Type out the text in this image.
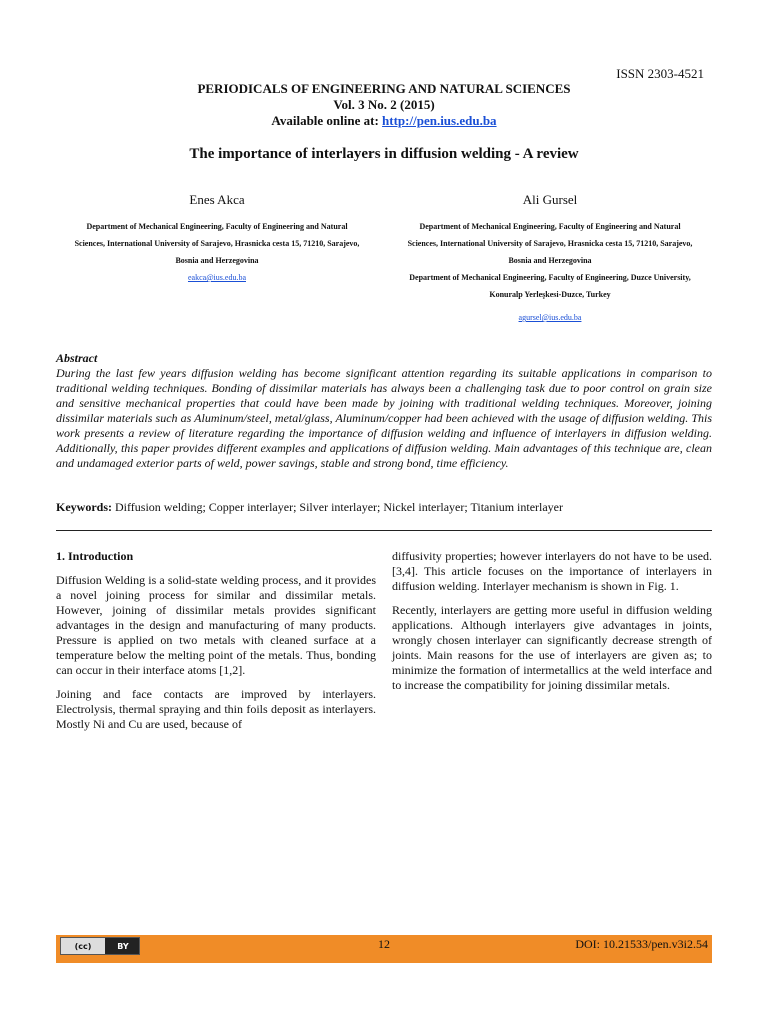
ISSN 2303-4521
PERIODICALS OF ENGINEERING AND NATURAL SCIENCES
Vol. 3 No. 2 (2015)
Available online at: http://pen.ius.edu.ba
The importance of interlayers in diffusion welding - A review
Enes Akca
Department of Mechanical Engineering, Faculty of Engineering and Natural
Sciences, International University of Sarajevo, Hrasnicka cesta 15, 71210, Sarajevo,
Bosnia and Herzegovina
eakca@ius.edu.ba
Ali Gursel
Department of Mechanical Engineering, Faculty of Engineering and Natural
Sciences, International University of Sarajevo, Hrasnicka cesta 15, 71210, Sarajevo,
Bosnia and Herzegovina
Department of Mechanical Engineering, Faculty of Engineering, Duzce University,
Konuralp Yerleşkesi-Duzce, Turkey
agursel@ius.edu.ba
Abstract
During the last few years diffusion welding has become significant attention regarding its suitable applications in comparison to traditional welding techniques. Bonding of dissimilar materials has always been a challenging task due to poor control on grain size and sensitive mechanical properties that could have been made by joining with traditional welding techniques. Moreover, joining dissimilar materials such as Aluminum/steel, metal/glass, Aluminum/copper had been achieved with the usage of diffusion welding. This work presents a review of literature regarding the importance of diffusion welding and influence of interlayers in diffusion welding. Additionally, this paper provides different examples and applications of diffusion welding. Main advantages of this technique are, clean and undamaged exterior parts of weld, power savings, stable and strong bond, time efficiency.
Keywords: Diffusion welding; Copper interlayer; Silver interlayer; Nickel interlayer; Titanium interlayer
1. Introduction

Diffusion Welding is a solid-state welding process, and it provides a novel joining process for similar and dissimilar metals. However, joining of dissimilar metals provides significant advantages in the design and manufacturing of many products. Pressure is applied on two metals with cleaned surface at a temperature below the melting point of the metals. Thus, bonding can occur in their interface atoms [1,2].

Joining and face contacts are improved by interlayers. Electrolysis, thermal spraying and thin foils deposit as interlayers. Mostly Ni and Cu are used, because of

diffusivity properties; however interlayers do not have to be used. [3,4]. This article focuses on the importance of interlayers in diffusion welding. Interlayer mechanism is shown in Fig. 1.

Recently, interlayers are getting more useful in diffusion welding applications. Although interlayers give advantages in joints, wrongly chosen interlayer can significantly decrease strength of joints. Main reasons for the use of interlayers are given as; to minimize the formation of intermetallics at the weld interface and to increase the compatibility for joining dissimilar metals.

(cc)	BY	12	DOI: 10.21533/pen.v3i2.54
